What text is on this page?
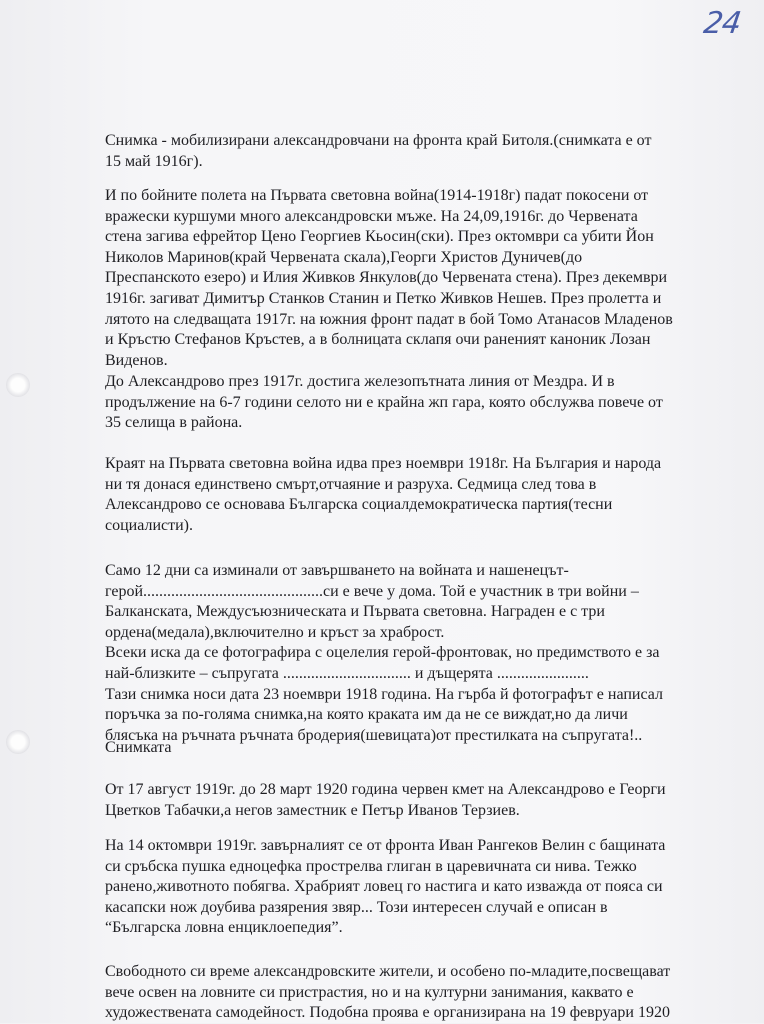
24
Снимка - мобилизирани александровчани на фронта край Битоля.(снимката е от
15 май 1916г).
И по бойните полета на Първата световна война(1914-1918г) падат покосени от
вражески куршуми много александровски мъже. На 24,09,1916г. до Червената
стена загива ефрейтор Цено Георгиев Кьосин(ски). През октомври са убити Йон
Николов Маринов(край Червената скала),Георги Христов Дуничев(до
Преспанското езеро) и Илия Живков Янкулов(до Червената стена). През декември
1916г. загиват Димитър Станков Станин и Петко Живков Нешев. През пролетта и
лятото на следващата 1917г. на южния фронт падат в бой Томо Атанасов Младенов
и Кръстю Стефанов Кръстев, а в болницата склапя очи раненият каноник Лозан
Виденов.
До Александрово през 1917г. достига железопътната линия от Мездра. И в
продължение на 6-7 години селото ни е крайна жп гара, която обслужва повече от
35 селища в района.
Краят на Първата световна война идва през ноември 1918г. На България и народа
ни тя донася единствено смърт,отчаяние и разруха. Седмица след това в
Александрово се основава Българска социалдемократическа партия(тесни
социалисти).
Само 12 дни са изминали от завършването на войната и нашенецът-
герой.............................................си е вече у дома. Той е участник в три войни –
Балканската, Междусъюзническата и Първата световна. Награден е с три
ордена(медала),включително и кръст за храброст.
Всеки иска да се фотографира с оцелелия герой-фронтовак, но предимството е за
най-близките – съпругата ................................ и дъщерята .......................
Тази снимка носи дата 23 ноември 1918 година. На гърба й фотографът е написал
поръчка за по-голяма снимка,на която краката им да не се виждат,но да личи
блясъка на ръчната ръчната бродерия(шевицата)от престилката на съпругата!..
Снимката
От 17 август 1919г. до 28 март 1920 година червен кмет на Александрово е Георги
Цветков Табачки,а негов заместник е Петър Иванов Терзиев.
На 14 октомври 1919г. завърналият се от фронта Иван Рангеков Велин с бащината
си сръбска пушка едноцефка прострелва глиган в царевичната си нива. Тежко
ранено,животното побягва. Храбрият ловец го настига и като изважда от пояса си
касапски нож доубива разярения звяр... Този интересен случай е описан в
“Българска ловна енциклоепедия”.
Свободното си време александровските жители, и особено по-младите,посвещават
вече освен на ловните си пристрастия, но и на културни занимания, каквато е
художествената самодейност. Подобна проява е организирана на 19 февруари 1920
